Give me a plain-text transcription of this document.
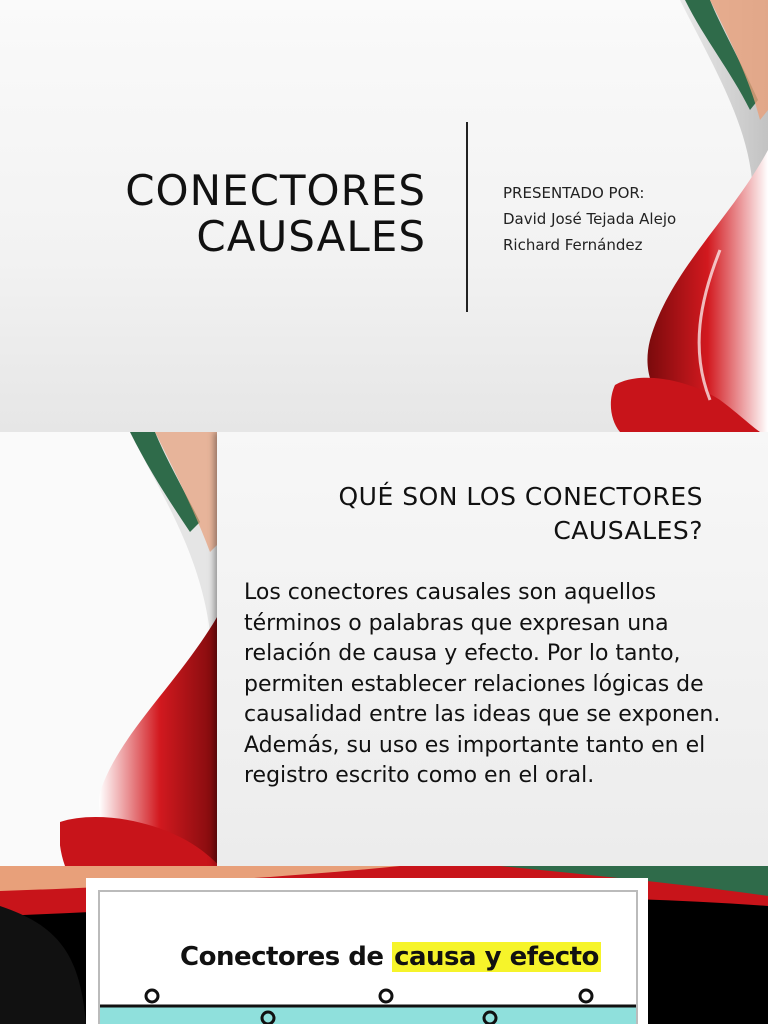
CONECTORES
CAUSALES
PRESENTADO POR:
David José Tejada Alejo
Richard Fernández
QUÉ SON LOS CONECTORES
CAUSALES?
Los conectores causales son aquellos términos o palabras que expresan una relación de causa y efecto. Por lo tanto, permiten establecer relaciones lógicas de causalidad entre las ideas que se exponen. Además, su uso es importante tanto en el registro escrito como en el oral.
Conectores de causa y efecto
